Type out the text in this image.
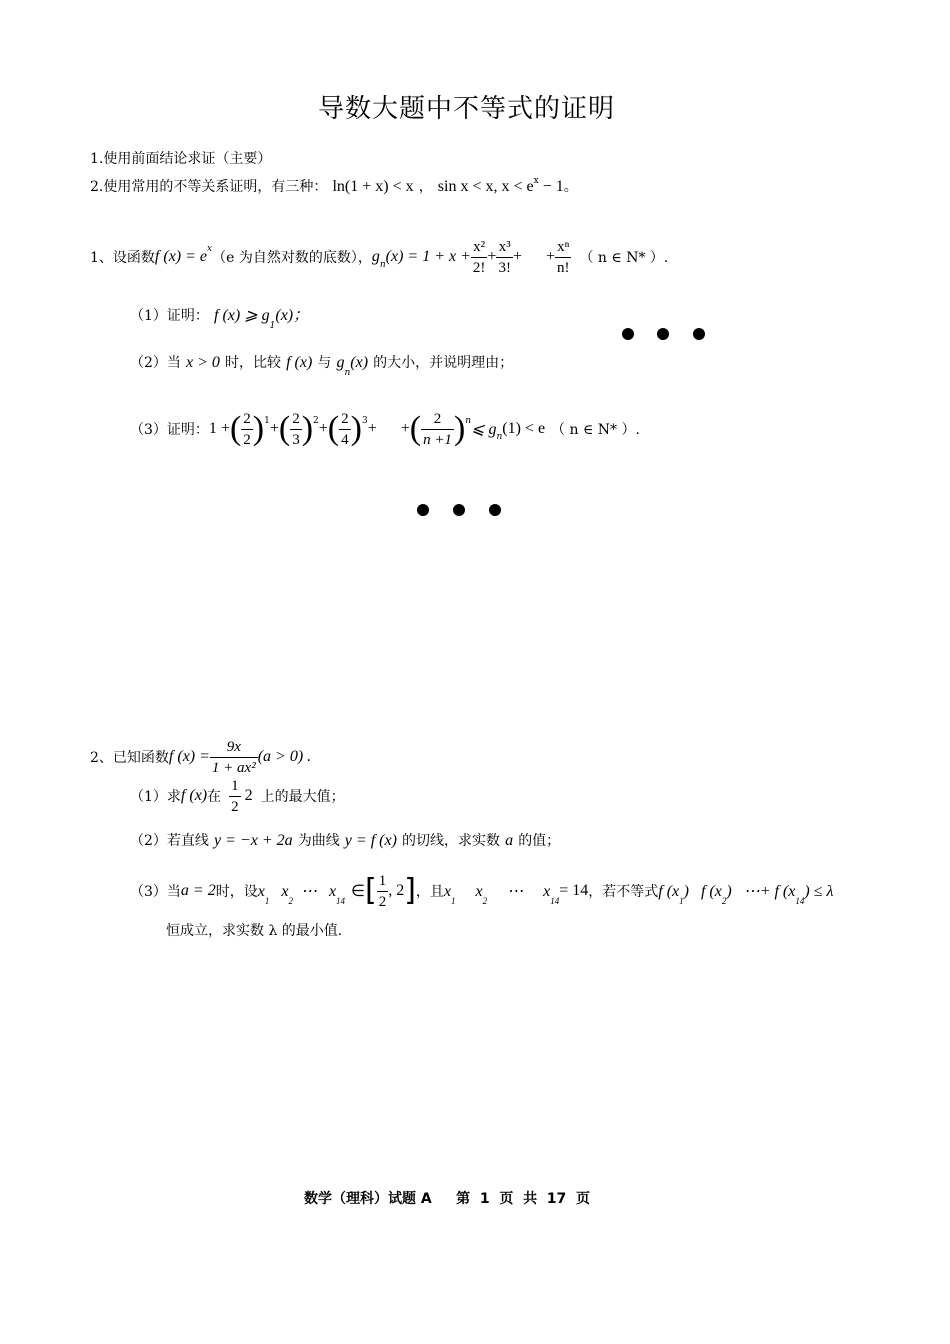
导数大题中不等式的证明
1.使用前面结论求证（主要）
2.使用常用的不等关系证明，有三种： ln(1 + x) < x ， sin x < x, $x < e^x - 1$。
1、设函数 f (x) = e x
（e 为自然对数的底数）， g n $(x) = 1 + x + \frac{\text{x²}}{2!} + \frac{\text{x³}}{3!}$ +      + $\frac{\text{xⁿ}}{n!}$ （ n ∈ N* ）.
（1）证明： f (x) ⩾ $g_1(x)$；
（2）当 x > 0 时，比较 f (x) 与 $g_n(x)$ 的大小，并说明理由；
（3）证明： 1 + ( $\frac{2}{2}$ ) 1 + ( $\frac{2}{3}$ ) 2 + ( $\frac{2}{4}$ ) 3 +      + ( $\frac{2}{n +1}$ ) n ⩽ g n (1) < e （ n ∈ N* ）.
2、已知函数 f $(x) = \frac{9x}{\text{1 + ax²}} (a > 0)$ .
（1）求 f (x) 在 $\frac{1}{2} 2$ 上的最大值；
（2）若直线 y = −x + 2a 为曲线 y = f (x) 的切线，求实数 a 的值；
（3）当 a = 2 时，设 $x_1$   $x_2$  ⋯   $x_{14}$
∈ [ $\frac{1}{2}$ , 2 ] ，且 $x_1$     $x_2$     ⋯     $x_{14}$
= 14 ，若不等式 f $(x_1)$   f $(x_2)$   ⋯+ f $(x_{14}) \le \lambda$
恒成立，求实数 λ 的最小值.
数学（理科）试题 A     第  1  页  共  17  页
